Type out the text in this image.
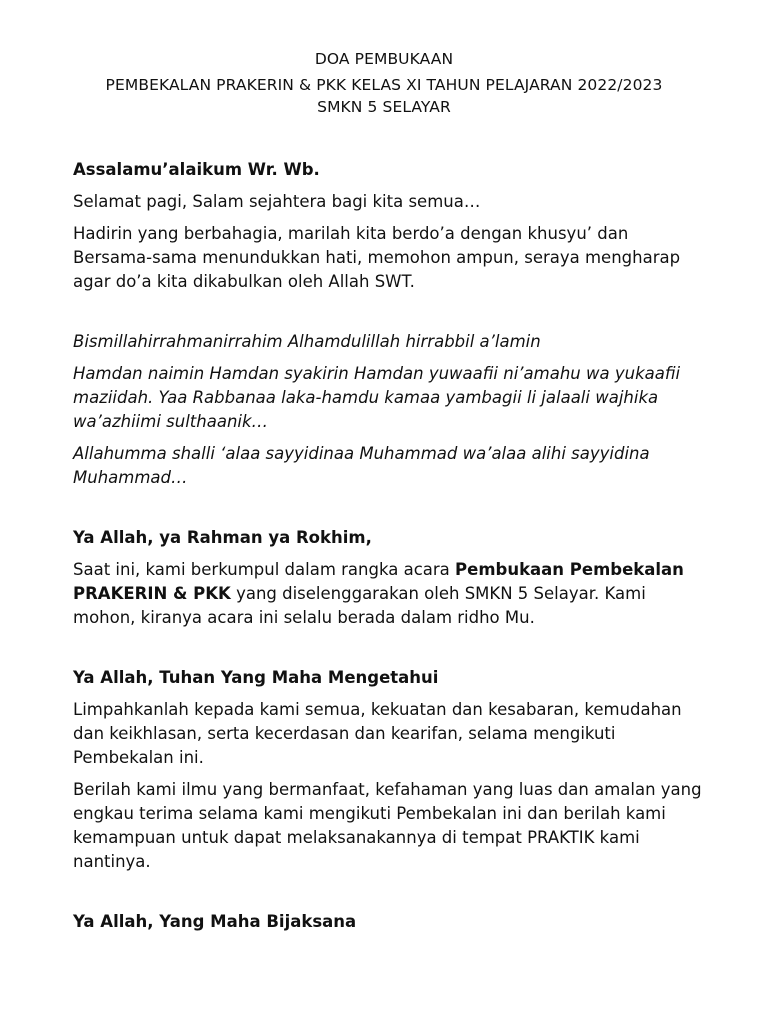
DOA PEMBUKAAN
PEMBEKALAN PRAKERIN & PKK KELAS XI TAHUN PELAJARAN 2022/2023
SMKN 5 SELAYAR

Assalamu’alaikum Wr. Wb.

Selamat pagi, Salam sejahtera bagi kita semua…

Hadirin yang berbahagia, marilah kita berdo’a dengan khusyu’ dan Bersama-sama menundukkan hati, memohon ampun, seraya mengharap agar do’a kita dikabulkan oleh Allah SWT.

Bismillahirrahmanirrahim Alhamdulillah hirrabbil a’lamin

Hamdan naimin Hamdan syakirin Hamdan yuwaafii ni’amahu wa yukaafii maziidah. Yaa Rabbanaa laka-hamdu kamaa yambagii li jalaali wajhika wa’azhiimi sulthaanik…

Allahumma shalli ‘alaa sayyidinaa Muhammad wa’alaa alihi sayyidina Muhammad…

Ya Allah, ya Rahman ya Rokhim,

Saat ini, kami berkumpul dalam rangka acara Pembukaan Pembekalan PRAKERIN & PKK yang diselenggarakan oleh SMKN 5 Selayar. Kami mohon, kiranya acara ini selalu berada dalam ridho Mu.

Ya Allah, Tuhan Yang Maha Mengetahui

Limpahkanlah kepada kami semua, kekuatan dan kesabaran, kemudahan dan keikhlasan, serta kecerdasan dan kearifan, selama mengikuti Pembekalan ini.

Berilah kami ilmu yang bermanfaat, kefahaman yang luas dan amalan yang engkau terima selama kami mengikuti Pembekalan ini dan berilah kami kemampuan untuk dapat melaksanakannya di tempat PRAKTIK kami nantinya.

Ya Allah, Yang Maha Bijaksana
